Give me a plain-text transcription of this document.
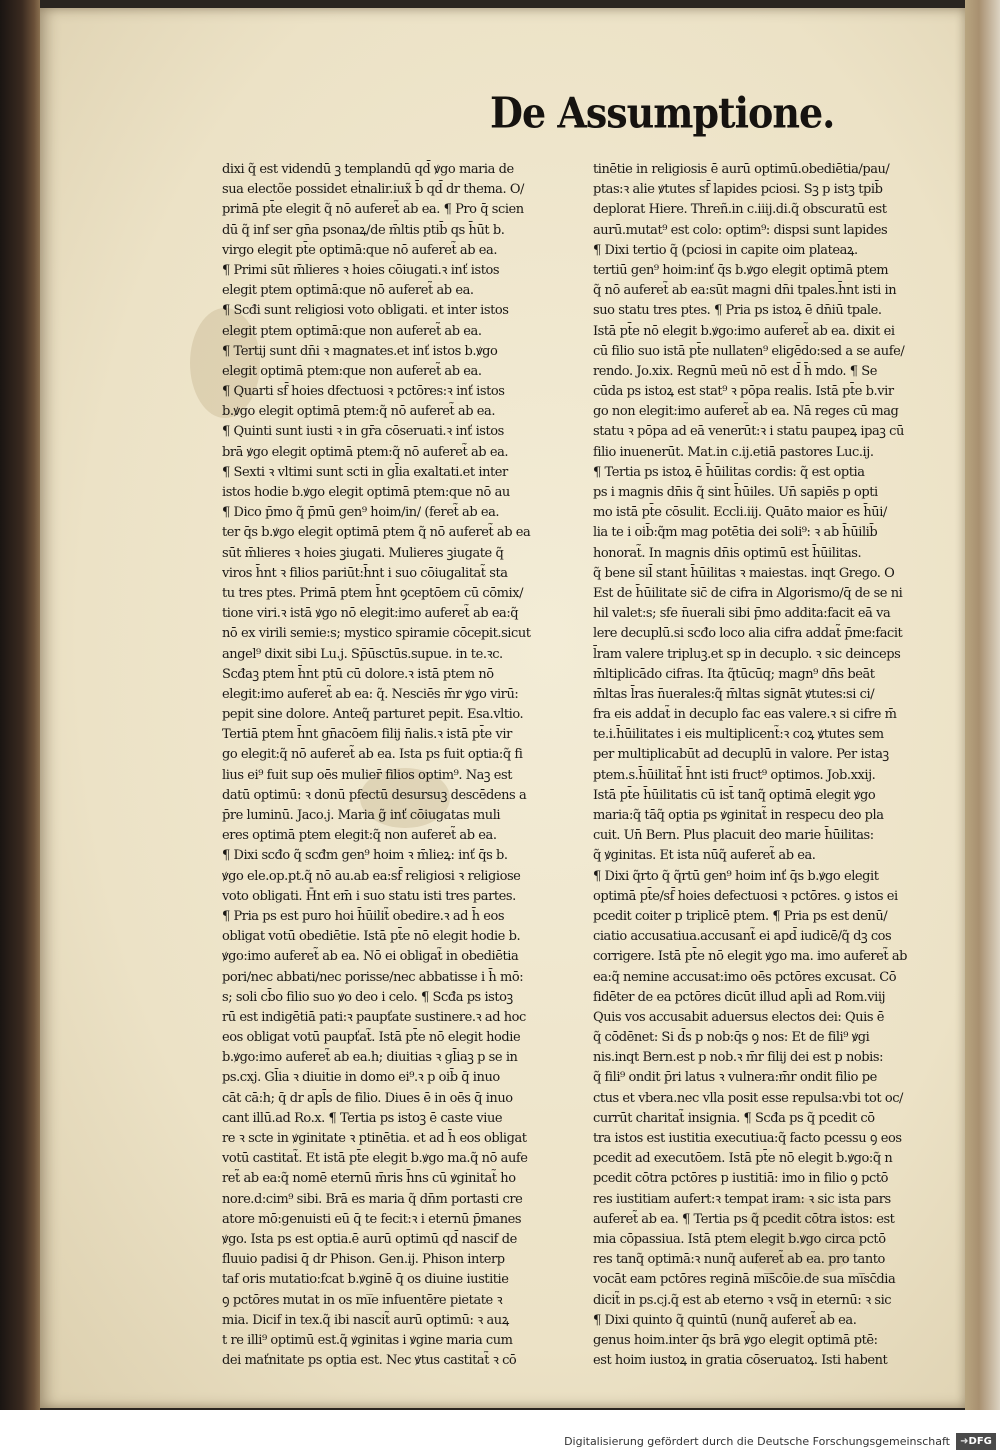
De Assumptione.
dixi q̃ est videndū ꝫ templandū qd̄ ꝟgo maria de
sua electõe possidet eṫnalir.iux̃ b̄ qd̄ dr thema. O/
primā pt̄e elegit q̃ nō auferet̃ ab ea. ¶ Pro q̄ scien
dū q̃ inf ser gn̄a psonaꝝ/de m̄ltis ptib̄ qs h̄ūt b.
virgo elegit pt̄e optimā:que nō auferet̃ ab ea.
¶ Primi sūt m̄lieres ꝛ hoies cōiugati.ꝛ inť istos
elegit ptem optimā:que nō auferet̃ ab ea.
¶ Scđi sunt religiosi voto obligati. et inter istos
elegit ptem optimā:que non auferet̃ ab ea.
¶ Tertij sunt dn̄i ꝛ magnates.et inť istos b.ꝟgo
elegit optimā ptem:que non auferet̃ ab ea.
¶ Quarti sf̄ hoies dfectuosi ꝛ pctōres:ꝛ inť istos
b.ꝟgo elegit optimā ptem:q̃ nō auferet̃ ab ea.
¶ Quinti sunt iusti ꝛ in gr̄a cōseruati.ꝛ inť istos
brā ꝟgo elegit optimā ptem:q̃ nō auferet̃ ab ea.
¶ Sexti ꝛ vltimi sunt scti in gl̄ia exaltati.et inter
istos hodie b.ꝟgo elegit optimā ptem:que nō au
¶ Dico p̄mo q̃ p̄mū gen⁹ hoim/in/ (feret̃ ab ea.
ter q̄s b.ꝟgo elegit optimā ptem q̃ nō auferet̃ ab ea
sūt m̄lieres ꝛ hoies ꝫiugati. Mulieres ꝫiugate q̃
viros h̄nt ꝛ filios pariūt:h̄nt i suo cōiugalitat̃ sta
tu tres ptes. Primā ptem h̄nt ꝯceptōem cū cōmix/
tione viri.ꝛ istā ꝟgo nō elegit:imo auferet̃ ab ea:q̃
nō ex virili semie:s; mystico spiramie cōcepit.sicut
angel⁹ dixit sibi Lu.j. Sp̄ūsctūs.supue. in te.ꝛc.
Scđaꝫ ptem h̄nt ptū cū dolore.ꝛ istā ptem nō
elegit:imo auferet̃ ab ea: q̃. Nesciēs m̄r ꝟgo virū:
pepit sine dolore. Anteq̃ parturet pepit. Esa.vltio.
Tertiā ptem h̄nt gn̄acōem filij n̄alis.ꝛ istā pt̄e vir
go elegit:q̃ nō auferet̃ ab ea. Ista ps fuit optia:q̃ fi
lius ei⁹ fuit sup oēs mulier̄ filios optim⁹. Naꝫ est
datū optimū: ꝛ donū pfectū desursuꝫ descēdens a
p̄re luminū. Jaco.j. Maria g̃ inť cōiugatas muli
eres optimā ptem elegit:q̃ non auferet̃ ab ea.
¶ Dixi scđo q̃ scđm gen⁹ hoim ꝛ m̄lieꝝ: inť q̄s b.
ꝟgo ele.op.pt.q̃ nō au.ab ea:sf̄ religiosi ꝛ religiose
voto obligati. H̄nt em̄ i suo statu isti tres partes.
¶ Pria ps est puro hoi h̄ūilit̃ obedire.ꝛ ad h̄ eos
obligat votū obediētie. Istā pt̄e nō elegit hodie b.
ꝟgo:imo auferet̃ ab ea. Nō ei obligat̃ in obediētia
pori/nec abbati/nec porisse/nec abbatisse i h̄ mō:
s; soli cb̄o filio suo ꝟo deo i celo. ¶ Scđa ps istoꝫ
rū est indigētiā pati:ꝛ paupťate sustinere.ꝛ ad hoc
eos obligat votū paupťat̃. Istā pt̄e nō elegit hodie
b.ꝟgo:imo auferet̃ ab ea.h; diuitias ꝛ gl̄iaꝫ p se in
ps.cxj. Gl̄ia ꝛ diuitie in domo ei⁹.ꝛ p oib̄ q̄ inuo
cāt cā:h; q̄ dr apl̄s de filio. Diues ē in oēs q̄ inuo
cant illū.ad Ro.x. ¶ Tertia ps istoꝫ ē caste viue
re ꝛ scte in ꝟginitate ꝛ ptinētia. et ad h̄ eos obligat
votū castitat̃. Et istā pt̄e elegit b.ꝟgo ma.q̃ nō aufe
ret̃ ab ea:q̃ nomē eternū m̄ris h̄ns cū ꝟginitat̃ ho
nore.d:cim⁹ sibi. Brā es maria q̃ dn̄m portasti cre
atore mō:genuisti eū q̄ te fecit:ꝛ i eternū p̄manes
ꝟgo. Ista ps est optia.ē aurū optimū qd̄ nascif de
fluuio padisi q̄ dr Phison. Gen.ij. Phison interp
taf oris mutatio:fcat b.ꝟginē q̄ os diuine iustitie
ꝯ pctōres mutat in os mi̅e infuentēre pietate ꝛ
mia. Dicif in tex.q̃ ibi nascit̃ aurū optimū: ꝛ auꝝ
t re illi⁹ optimū est.q̃ ꝟginitas i ꝟgine maria cum
dei maťnitate ps optia est. Nec ꝟtus castitat̃ ꝛ cō
tinētie in religiosis ē aurū optimū.obediētia/pau/
ptas:ꝛ alie ꝟtutes sf̄ lapides pciosi. Sꝫ p istꝫ tpib̄
deplorat Hiere. Threñ.in c.iiij.di.q̃ obscuratū est
aurū.mutat⁹ est colo: optim⁹: dispsi sunt lapides
¶ Dixi tertio q̃ (pciosi in capite oim plateaꝝ.
tertiū gen⁹ hoim:inť q̄s b.ꝟgo elegit optimā ptem
q̃ nō auferet̃ ab ea:sūt magni dn̄i tpales.h̄nt isti in
suo statu tres ptes. ¶ Pria ps istoꝝ ē dn̄iū tpale.
Istā pt̄e nō elegit b.ꝟgo:imo auferet̃ ab ea. dixit ei
cū filio suo istā pt̄e nullaten⁹ eligēdo:sed a se aufe/
rendo. Jo.xix. Regnū meū nō est d̄ h̄ mdo. ¶ Se
cūda ps istoꝝ est stat⁹ ꝛ pōpa realis. Istā pt̄e b.vir
go non elegit:imo auferet̃ ab ea. Nā reges cū mag
statu ꝛ pōpa ad eā venerūt:ꝛ i statu paupeꝝ ipaꝫ cū
filio inuenerūt. Mat.in c.ij.etiā pastores Luc.ij.
¶ Tertia ps istoꝝ ē h̄ūilitas cordis: q̃ est optia
ps i magnis dn̄is q̃ sint h̄ūiles. Un̄ sapiēs p opti
mo istā pt̄e cōsulit. Eccli.iij. Quāto maior es h̄ūi/
lia te i oib̄:q̃m mag potētia dei soli⁹: ꝛ ab h̄ūilib̄
honorat̃. In magnis dn̄is optimū est h̄ūilitas.
q̃ bene sil̄ stant h̄ūilitas ꝛ maiestas. inqt Grego. O
Est de h̄ūilitate sic̄ de cifra in Algorismo/q̄ de se ni
hil valet:s; sfe n̄uerali sibi p̄mo addita:facit eā va
lere decuplū.si scđo loco alia cifra addat̃ p̄me:facit
l̄ram valere tripluꝫ.et sp in decuplo. ꝛ sic deinceps
m̄ltiplicādo cifras. Ita q̃tūcūq; magn⁹ dn̄s beāt
m̄ltas l̄ras n̄uerales:q̃ m̄ltas signāt ꝟtutes:si ci/
fra eis addat̃ in decuplo fac eas valere.ꝛ si cifre m̄
te.i.h̄ūilitates i eis multiplicent̃:ꝛ coꝝ ꝟtutes sem
per multiplicabūt ad decuplū in valore. Per istaꝫ
ptem.s.h̄ūilitat̃ h̄nt isti fruct⁹ optimos. Job.xxij.
Istā pt̄e h̄ūilitatis cū ist̄ tanq̃ optimā elegit ꝟgo
maria:q̃ tāq̃ optia ps ꝟginitat̃ in respecu deo pla
cuit. Un̄ Bern. Plus placuit deo marie h̄ūilitas:
q̃ ꝟginitas. Et ista nūq̃ auferet̃ ab ea.
¶ Dixi q̃rto q̃ q̃rtū gen⁹ hoim inť q̄s b.ꝟgo elegit
optimā pt̄e/sf̄ hoies defectuosi ꝛ pctōres. ꝯ istos ei
pcedit coiter p triplicē ptem. ¶ Pria ps est denū/
ciatio accusatiua.accusant̃ ei apd̄ iudicē/q̃ dꝫ cos
corrigere. Istā pt̄e nō elegit ꝟgo ma. imo auferet̃ ab
ea:q̃ nemine accusat:imo oēs pctōres excusat. Cō
fidēter de ea pctōres dicūt illud apl̄i ad Rom.viij
Quis vos accusabit aduersus electos dei: Quis ē
q̃ cōdēnet: Si d̄s p nob:q̄s ꝯ nos: Et de fili⁹ ꝟgi
nis.inqt Bern.est p nob.ꝛ m̄r filij dei est p nobis:
q̃ fili⁹ ondit p̄ri latus ꝛ vulnera:m̄r ondit filio pe
ctus et vbera.nec vlla posit esse repulsa:vbi tot oc/
currūt charitat̃ insignia. ¶ Scđa ps q̃ pcedit cō
tra istos est iustitia executiua:q̃ facto pcessu ꝯ eos
pcedit ad executōem. Istā pt̄e nō elegit b.ꝟgo:q̃ n
pcedit cōtra pctōres p iustitiā: imo in filio ꝯ pctō
res iustitiam aufert:ꝛ tempat iram: ꝛ sic ista pars
auferet̃ ab ea. ¶ Tertia ps q̃ pcedit cōtra istos: est
mia cōpassiua. Istā ptem elegit b.ꝟgo circa pctō
res tanq̃ optimā:ꝛ nunq̃ auferet̃ ab ea. pro tanto
vocāt eam pctōres reginā mi̅s̄cōie.de sua mi̅sc̄dia
dicit̃ in ps.cj.q̃ est ab eterno ꝛ vsq̃ in eternū: ꝛ sic
¶ Dixi quinto q̃ quintū (nunq̃ auferet̃ ab ea.
genus hoim.inter q̄s brā ꝟgo elegit optimā ptē:
est hoim iustoꝝ in gratia cōseruatoꝝ. Isti habent
Digitalisierung gefördert durch die Deutsche Forschungsgemeinschaft	➜DFG
